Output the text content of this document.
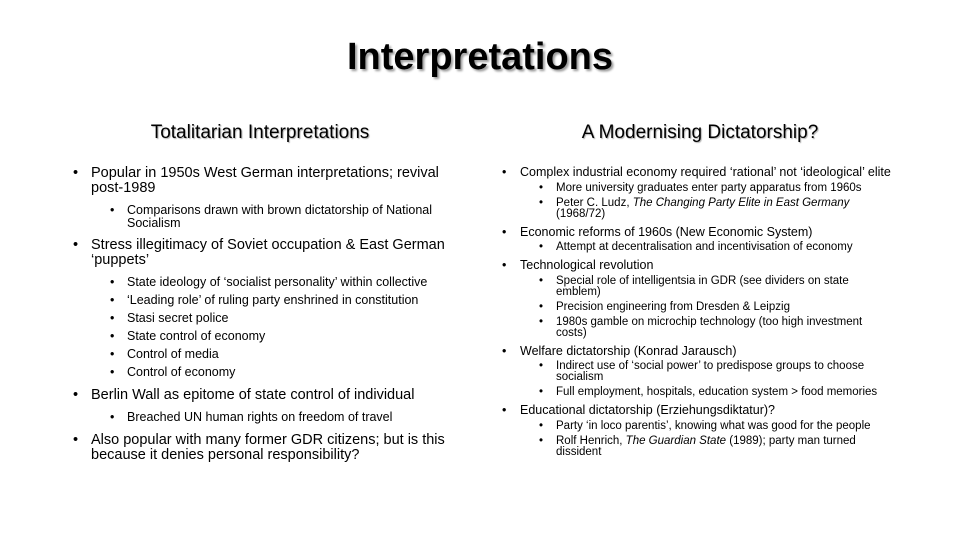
Interpretations
Totalitarian Interpretations	A Modernising Dictatorship?
• Popular in 1950s West German interpretations; revival post-1989
• Comparisons drawn with brown dictatorship of National Socialism
• Stress illegitimacy of Soviet occupation & East German ‘puppets’
• State ideology of ‘socialist personality’ within collective
• ‘Leading role’ of ruling party enshrined in constitution
• Stasi secret police
• State control of economy
• Control of media
• Control of economy
• Berlin Wall as epitome of state control of individual
• Breached UN human rights on freedom of travel
• Also popular with many former GDR citizens; but is this because it denies personal responsibility?
• Complex industrial economy required ‘rational’ not ‘ideological’ elite
• More university graduates enter party apparatus from 1960s
• Peter C. Ludz, The Changing Party Elite in East Germany (1968/72)
• Economic reforms of 1960s (New Economic System)
• Attempt at decentralisation and incentivisation of economy
• Technological revolution
• Special role of intelligentsia in GDR (see dividers on state emblem)
• Precision engineering from Dresden & Leipzig
• 1980s gamble on microchip technology (too high investment costs)
• Welfare dictatorship (Konrad Jarausch)
• Indirect use of ‘social power’ to predispose groups to choose socialism
• Full employment, hospitals, education system > food memories
• Educational dictatorship (Erziehungsdiktatur)?
• Party ‘in loco parentis’, knowing what was good for the people
• Rolf Henrich, The Guardian State (1989); party man turned dissident
